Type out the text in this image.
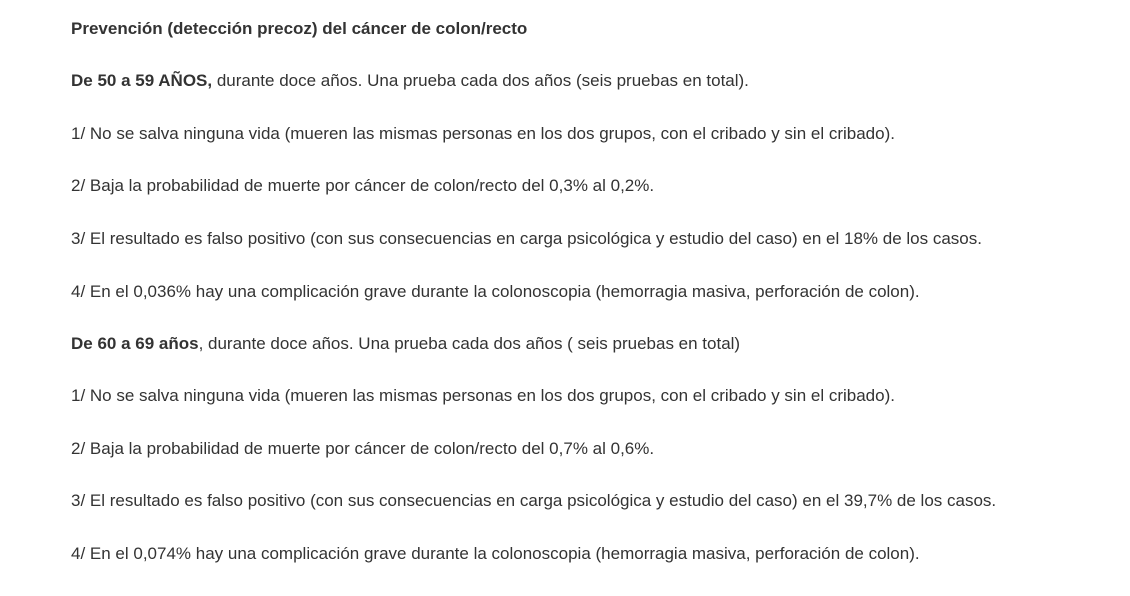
Prevención (detección precoz) del cáncer de colon/recto
De 50 a 59 AÑOS, durante doce años. Una prueba cada dos años (seis pruebas en total).
1/ No se salva ninguna vida (mueren las mismas personas en los dos grupos, con el cribado y sin el cribado).
2/ Baja la probabilidad de muerte por cáncer de colon/recto del 0,3% al 0,2%.
3/ El resultado es falso positivo (con sus consecuencias en carga psicológica y estudio del caso) en el 18% de los casos.
4/ En el 0,036% hay una complicación grave durante la colonoscopia (hemorragia masiva, perforación de colon).
De 60 a 69 años, durante doce años. Una prueba cada dos años ( seis pruebas en total)
1/ No se salva ninguna vida (mueren las mismas personas en los dos grupos, con el cribado y sin el cribado).
2/ Baja la probabilidad de muerte por cáncer de colon/recto del 0,7% al 0,6%.
3/ El resultado es falso positivo (con sus consecuencias en carga psicológica y estudio del caso) en el 39,7% de los casos.
4/ En el 0,074% hay una complicación grave durante la colonoscopia (hemorragia masiva, perforación de colon).
